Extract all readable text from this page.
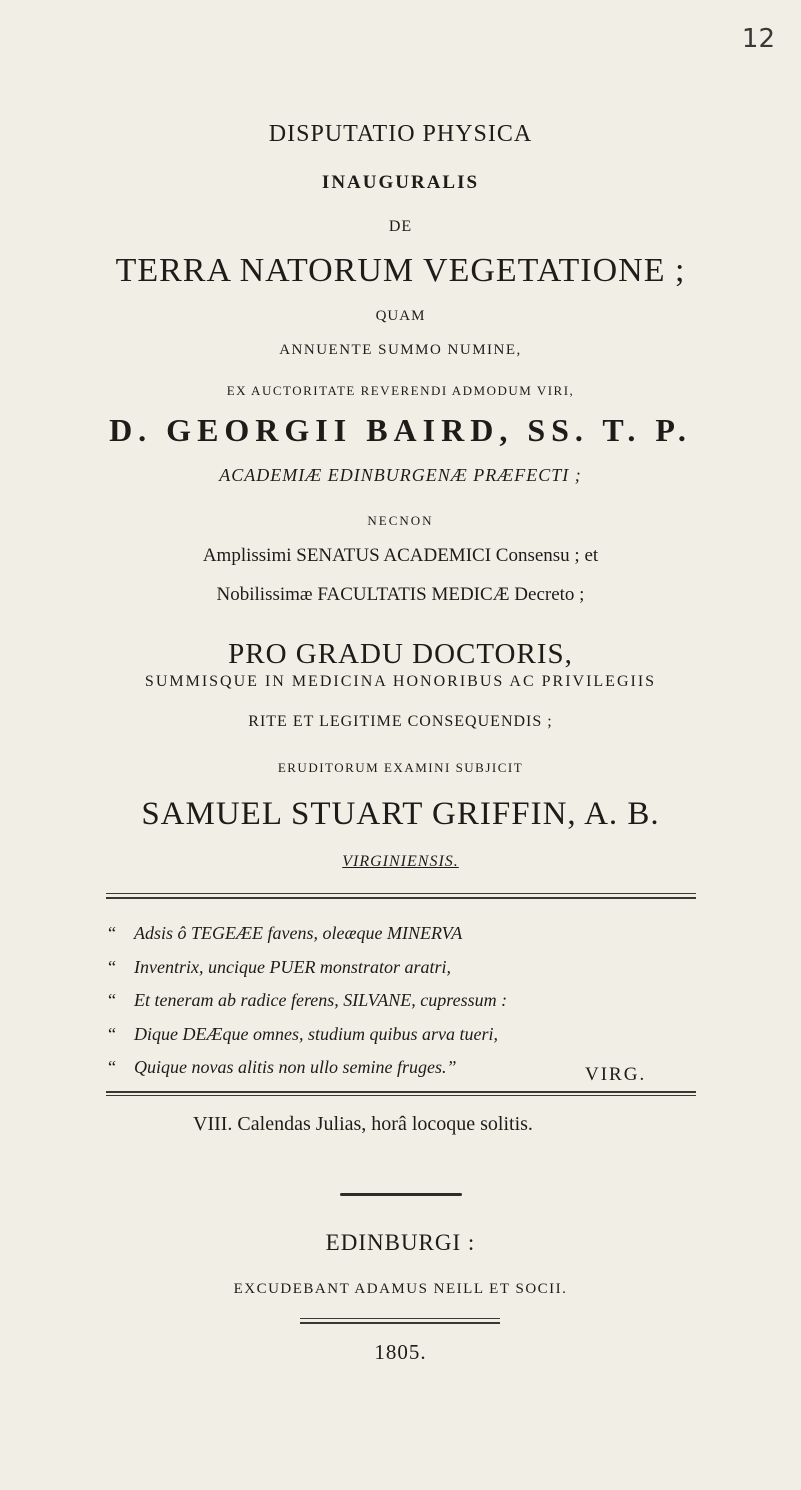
12
DISPUTATIO PHYSICA
INAUGURALIS
DE
TERRA NATORUM VEGETATIONE ;
QUAM
ANNUENTE SUMMO NUMINE,
EX AUCTORITATE REVERENDI ADMODUM VIRI,
D. GEORGII BAIRD, SS. T. P.
ACADEMIÆ EDINBURGENÆ PRÆFECTI ;
NECNON
Amplissimi SENATUS ACADEMICI Consensu ; et
Nobilissimæ FACULTATIS MEDICÆ Decreto ;
PRO GRADU DOCTORIS,
SUMMISQUE IN MEDICINA HONORIBUS AC PRIVILEGIIS
RITE ET LEGITIME CONSEQUENDIS ;
ERUDITORUM EXAMINI SUBJICIT
SAMUEL STUART GRIFFIN, A. B.
VIRGINIENSIS.
“ Adsis ô TEGEÆE favens, oleæque MINERVA
“ Inventrix, uncique PUER monstrator aratri,
“ Et teneram ab radice ferens, SILVANE, cupressum :
“ Dique DEÆque omnes, studium quibus arva tueri,
“ Quique novas alitis non ullo semine fruges.”	VIRG.
VIII. Calendas Julias, horâ locoque solitis.
EDINBURGI :
EXCUDEBANT ADAMUS NEILL ET SOCII.
1805.
